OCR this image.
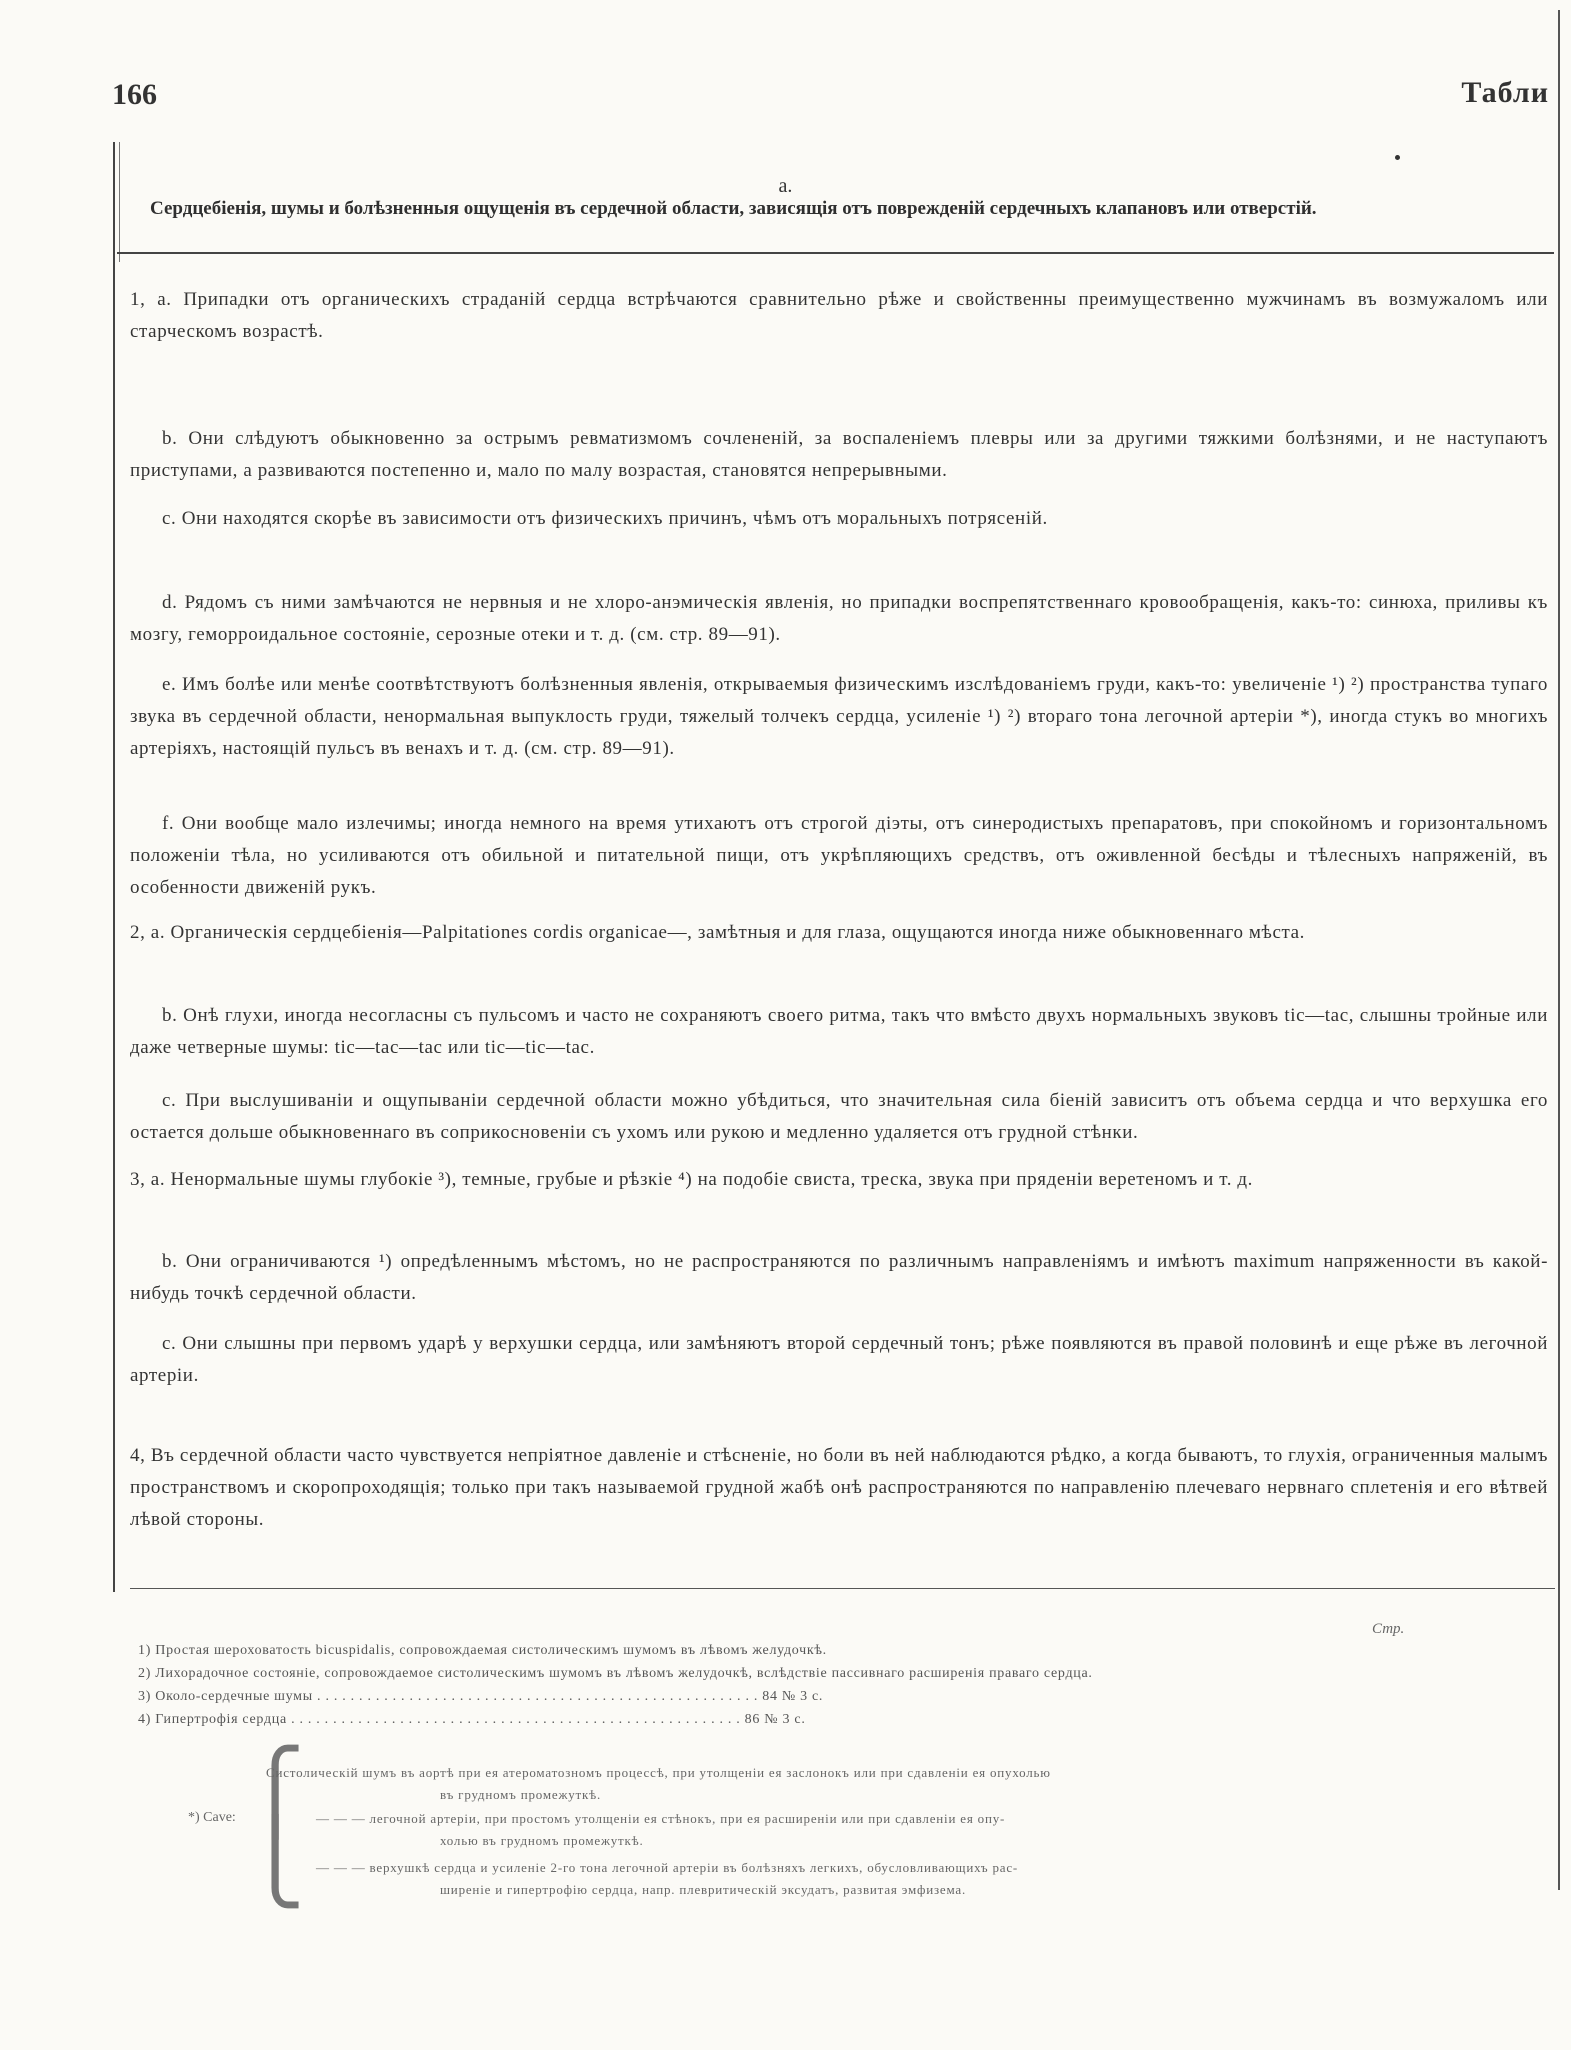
166	Табли
a.
Сердцебіенія, шумы и болѣзненныя ощущенія въ сердечной области, зависящія отъ поврежденій сердечныхъ клапановъ или отверстій.
1, а. Припадки отъ органическихъ страданій сердца встрѣчаются сравнительно рѣже и свойственны преимущественно мужчинамъ въ возмужаломъ или старческомъ возрастѣ.
b. Они слѣдуютъ обыкновенно за острымъ ревматизмомъ сочленeній, за воспаленіемъ плевры или за другими тяжкими болѣзнями, и не наступаютъ приступами, а развиваются постепенно и, мало по малу возрастая, становятся непрерывными.
c. Они находятся скорѣе въ зависимости отъ физическихъ причинъ, чѣмъ отъ моральныхъ потрясеній.
d. Рядомъ съ ними замѣчаются не нервныя и не хлоро-анэмическія явленія, но припадки воспрепятственнаго кровообращенія, какъ-то: синюха, приливы къ мозгу, геморроидальное состояніе, серозные отеки и т. д. (см. стр. 89—91).
e. Имъ болѣе или менѣе соотвѣтствуютъ болѣзненныя явленія, открываемыя физическимъ изслѣдованіемъ груди, какъ-то: увеличеніе ¹) ²) пространства тупаго звука въ сердечной области, ненормальная выпуклость груди, тяжелый толчекъ сердца, усиленіе ¹) ²) втораго тона легочной артеріи *), иногда стукъ во многихъ артеріяхъ, настоящій пульсъ въ венахъ и т. д. (см. стр. 89—91).
f. Они вообще мало излечимы; иногда немного на время утихаютъ отъ строгой діэты, отъ синеродистыхъ препаратовъ, при спокойномъ и горизонтальномъ положеніи тѣла, но усиливаются отъ обильной и питательной пищи, отъ укрѣпляющихъ средствъ, отъ оживленной бесѣды и тѣлесныхъ напряженій, въ особенности движеній рукъ.
2, а. Органическія сердцебіенія—Palpitationes cordis organicae—, замѣтныя и для глаза, ощущаются иногда ниже обыкновеннаго мѣста.
b. Онѣ глухи, иногда несогласны съ пульсомъ и часто не сохраняютъ своего ритма, такъ что вмѣсто двухъ нормальныхъ звуковъ tic—tac, слышны тройные или даже четверные шумы: tic—tac—tac или tic—tic—tac.
c. При выслушиваніи и ощупываніи сердечной области можно убѣдиться, что значительная сила біеній зависитъ отъ объема сердца и что верхушка его остается дольше обыкновеннаго въ соприкосновеніи съ ухомъ или рукою и медленно удаляется отъ грудной стѣнки.
3, а. Ненормальные шумы глубокіе ³), темные, грубые и рѣзкіе ⁴) на подобіе свиста, треска, звука при пряденіи веретеномъ и т. д.
b. Они ограничиваются ¹) опредѣленнымъ мѣстомъ, но не распространяются по различнымъ направленіямъ и имѣютъ maximum напряженности въ какой-нибудь точкѣ сердечной области.
c. Они слышны при первомъ ударѣ у верхушки сердца, или замѣняютъ второй сердечный тонъ; рѣже появляются въ правой половинѣ и еще рѣже въ легочной артеріи.
4, Въ сердечной области часто чувствуется непріятное давленіе и стѣсненіе, но боли въ ней наблюдаются рѣдко, а когда бываютъ, то глухія, ограниченныя малымъ пространствомъ и скоропроходящія; только при такъ называемой грудной жабѣ онѣ распространяются по направленію плечеваго нервнаго сплетенія и его вѣтвей лѣвой стороны.
Стр.
1) Простая шероховатость bicuspidalis, сопровождаемая систолическимъ шумомъ въ лѣвомъ желудочкѣ.
2) Лихорадочное состояніе, сопровождаемое систолическимъ шумомъ въ лѣвомъ желудочкѣ, вслѣдствіе пассивнаго расширенія праваго сердца.
3) Около-сердечные шумы . . . . . . . . . . . . . . . . . . . . . . . . . . . . . . . . . . . . . . . . . . . . . . . . . . . . . 84 № 3 с.
4) Гипертрофія сердца . . . . . . . . . . . . . . . . . . . . . . . . . . . . . . . . . . . . . . . . . . . . . . . . . . . . . . 86 № 3 с.
*) Cave: ⎧
⎩
Систолическій шумъ въ аортѣ при ея атероматозномъ процессѣ, при утолщеніи ея заслонокъ или при сдавленіи ея опухолью
въ грудномъ промежуткѣ.
— — — легочной артеріи, при простомъ утолщеніи ея стѣнокъ, при ея расширеніи или при сдавленіи ея опу-
холью въ грудномъ промежуткѣ.
— — — верхушкѣ сердца и усиленіе 2-го тона легочной артеріи въ болѣзняхъ легкихъ, обусловливающихъ рас-
ширеніе и гипертрофію сердца, напр. плевритическій эксудатъ, развитая эмфизема.
